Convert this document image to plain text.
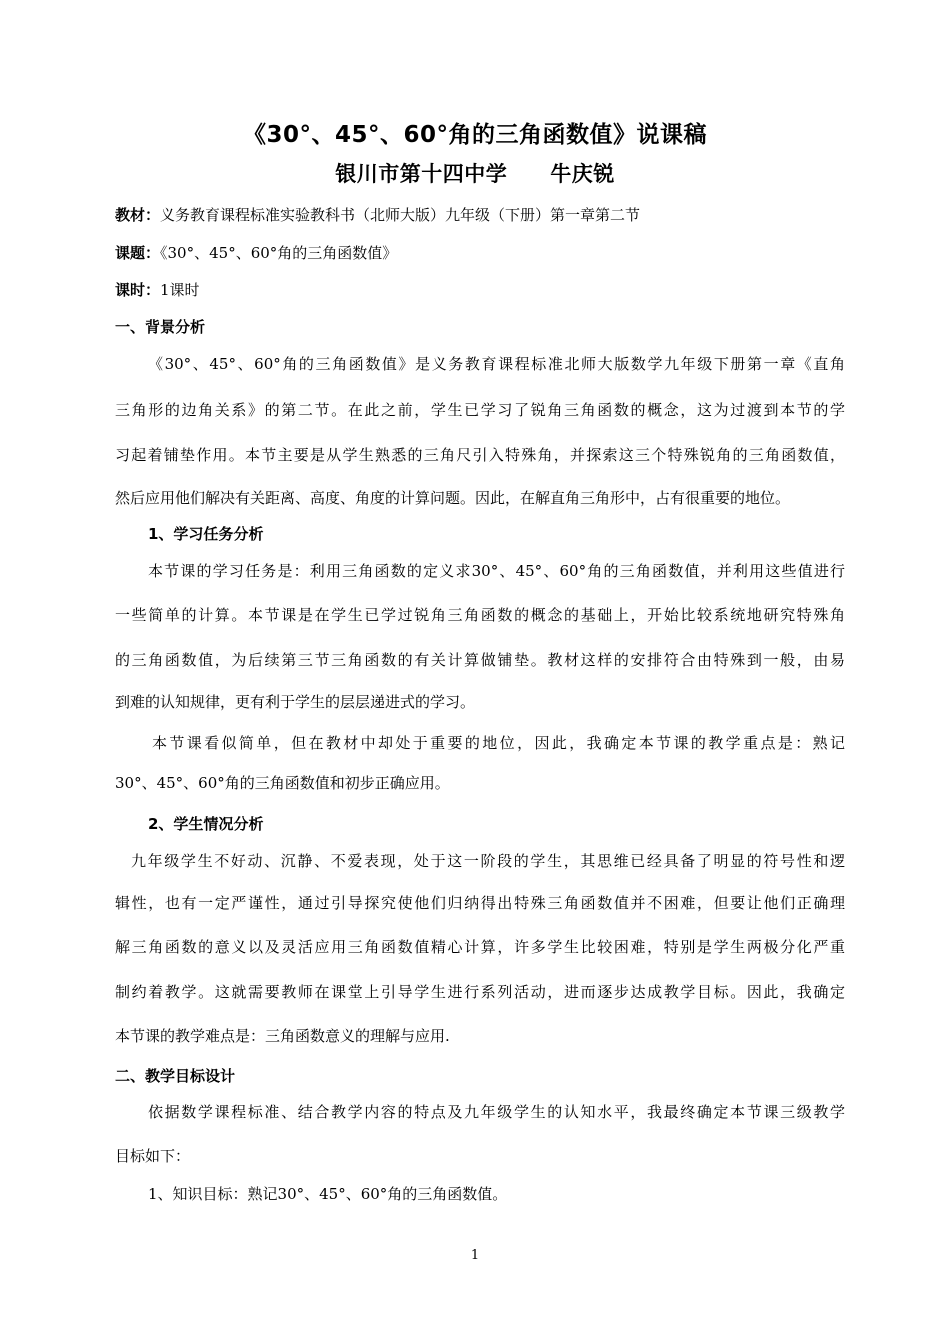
《30°、45°、60°角的三角函数值》说课稿
银川市第十四中学　　牛庆锐
教材：义务教育课程标准实验教科书（北师大版）九年级（下册）第一章第二节
课题：《30°、45°、60°角的三角函数值》
课时：1课时
一、背景分析
《30°、45°、60°角的三角函数值》是义务教育课程标准北师大版数学九年级下册第一章《直角
三角形的边角关系》的第二节。在此之前，学生已学习了锐角三角函数的概念，这为过渡到本节的学
习起着铺垫作用。本节主要是从学生熟悉的三角尺引入特殊角，并探索这三个特殊锐角的三角函数值，
然后应用他们解决有关距离、高度、角度的计算问题。因此，在解直角三角形中，占有很重要的地位。
1、学习任务分析
本节课的学习任务是：利用三角函数的定义求30°、45°、60°角的三角函数值，并利用这些值进行
一些简单的计算。本节课是在学生已学过锐角三角函数的概念的基础上，开始比较系统地研究特殊角
的三角函数值，为后续第三节三角函数的有关计算做铺垫。教材这样的安排符合由特殊到一般，由易
到难的认知规律，更有利于学生的层层递进式的学习。
本节课看似简单，但在教材中却处于重要的地位，因此，我确定本节课的教学重点是：熟记
30°、45°、60°角的三角函数值和初步正确应用。
2、学生情况分析
九年级学生不好动、沉静、不爱表现，处于这一阶段的学生，其思维已经具备了明显的符号性和逻
辑性，也有一定严谨性，通过引导探究使他们归纳得出特殊三角函数值并不困难，但要让他们正确理
解三角函数的意义以及灵活应用三角函数值精心计算，许多学生比较困难，特别是学生两极分化严重
制约着教学。这就需要教师在课堂上引导学生进行系列活动，进而逐步达成教学目标。因此，我确定
本节课的教学难点是：三角函数意义的理解与应用.
二、教学目标设计
依据数学课程标准、结合教学内容的特点及九年级学生的认知水平，我最终确定本节课三级教学
目标如下：
1、知识目标：熟记30°、45°、60°角的三角函数值。
1
